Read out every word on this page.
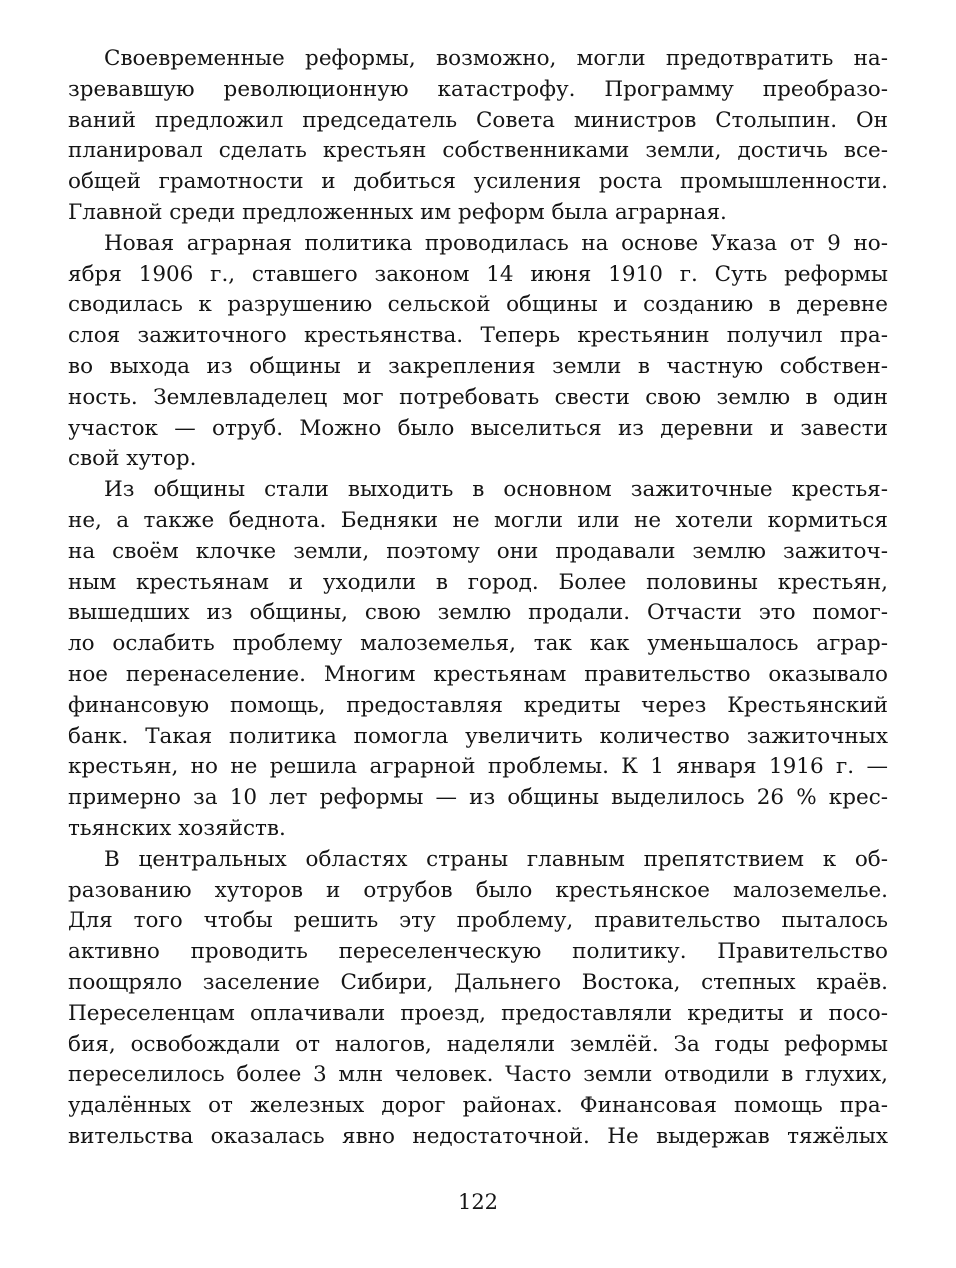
Своевременные реформы, возможно, могли предотвратить на-
зревавшую революционную катастрофу. Программу преобразо-
ваний предложил председатель Совета министров Столыпин. Он
планировал сделать крестьян собственниками земли, достичь все-
общей грамотности и добиться усиления роста промышленности.
Главной среди предложенных им реформ была аграрная.
Новая аграрная политика проводилась на основе Указа от 9 но-
ября 1906 г., ставшего законом 14 июня 1910 г. Суть реформы
сводилась к разрушению сельской общины и созданию в деревне
слоя зажиточного крестьянства. Теперь крестьянин получил пра-
во выхода из общины и закрепления земли в частную собствен-
ность. Землевладелец мог потребовать свести свою землю в один
участок — отруб. Можно было выселиться из деревни и завести
свой хутор.
Из общины стали выходить в основном зажиточные крестья-
не, а также беднота. Бедняки не могли или не хотели кормиться
на своём клочке земли, поэтому они продавали землю зажиточ-
ным крестьянам и уходили в город. Более половины крестьян,
вышедших из общины, свою землю продали. Отчасти это помог-
ло ослабить проблему малоземелья, так как уменьшалось аграр-
ное перенаселение. Многим крестьянам правительство оказывало
финансовую помощь, предоставляя кредиты через Крестьянский
банк. Такая политика помогла увеличить количество зажиточных
крестьян, но не решила аграрной проблемы. К 1 января 1916 г. —
примерно за 10 лет реформы — из общины выделилось 26 % крес-
тьянских хозяйств.
В центральных областях страны главным препятствием к об-
разованию хуторов и отрубов было крестьянское малоземелье.
Для того чтобы решить эту проблему, правительство пыталось
активно проводить переселенческую политику. Правительство
поощряло заселение Сибири, Дальнего Востока, степных краёв.
Переселенцам оплачивали проезд, предоставляли кредиты и посо-
бия, освобождали от налогов, наделяли землёй. За годы реформы
переселилось более 3 млн человек. Часто земли отводили в глухих,
удалённых от железных дорог районах. Финансовая помощь пра-
вительства оказалась явно недостаточной. Не выдержав тяжёлых

122
